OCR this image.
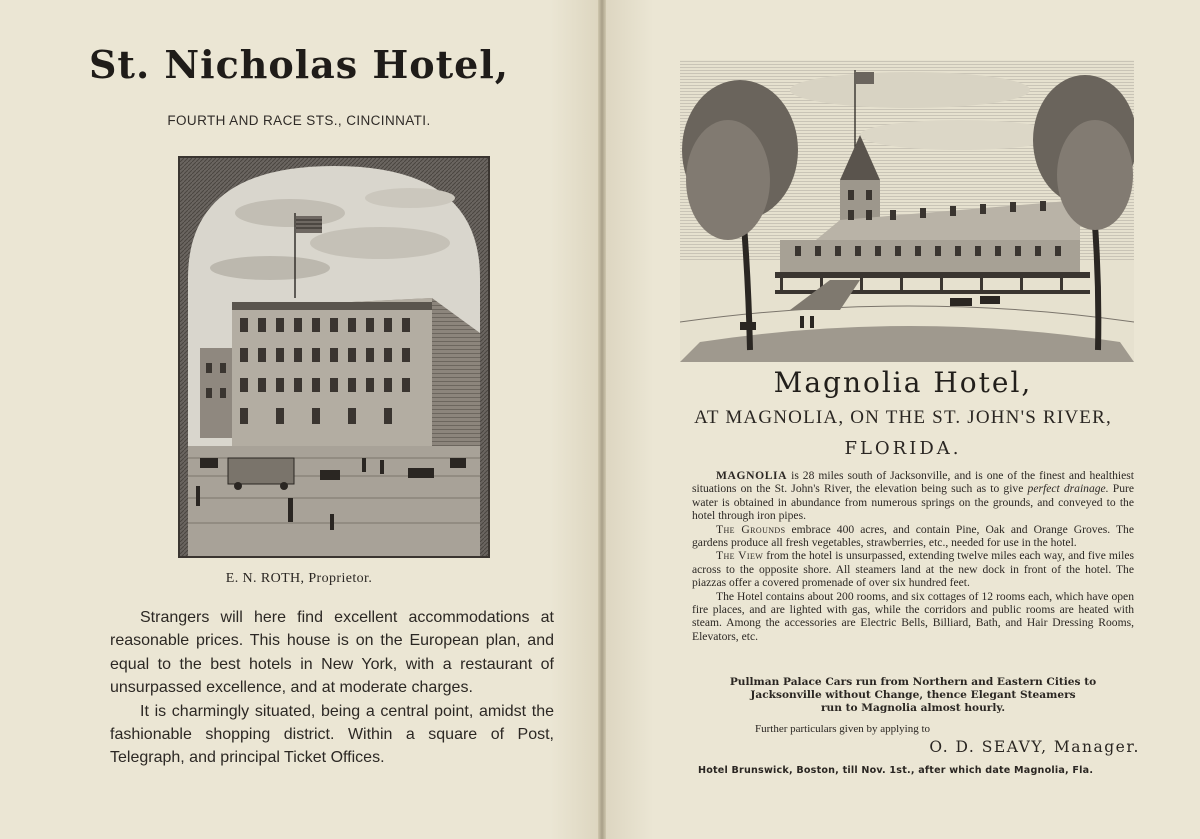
St. Nicholas Hotel,
FOURTH AND RACE STS., CINCINNATI.
E. N. ROTH, Proprietor.

Strangers will here find excellent accommodations at reasonable prices. This house is on the European plan, and equal to the best hotels in New York, with a restaurant of unsurpassed excellence, and at moderate charges.

It is charmingly situated, being a central point, amidst the fashionable shopping district. Within a square of Post, Telegraph, and principal Ticket Offices.

Magnolia Hotel,
AT MAGNOLIA, ON THE ST. JOHN'S RIVER,
FLORIDA.

MAGNOLIA is 28 miles south of Jacksonville, and is one of the finest and healthiest situations on the St. John's River, the elevation being such as to give perfect drainage. Pure water is obtained in abundance from numerous springs on the grounds, and conveyed to the hotel through iron pipes.

The Grounds embrace 400 acres, and contain Pine, Oak and Orange Groves. The gardens produce all fresh vegetables, strawberries, etc., needed for use in the hotel.

The View from the hotel is unsurpassed, extending twelve miles each way, and five miles across to the opposite shore. All steamers land at the new dock in front of the hotel. The piazzas offer a covered promenade of over six hundred feet.

The Hotel contains about 200 rooms, and six cottages of 12 rooms each, which have open fire places, and are lighted with gas, while the corridors and public rooms are heated with steam. Among the accessories are Electric Bells, Billiard, Bath, and Hair Dressing Rooms, Elevators, etc.

Pullman Palace Cars run from Northern and Eastern Cities to
Jacksonville without Change, thence Elegant Steamers
run to Magnolia almost hourly.
Further particulars given by applying to
O. D. SEAVY, Manager.
Hotel Brunswick, Boston, till Nov. 1st., after which date Magnolia, Fla.
